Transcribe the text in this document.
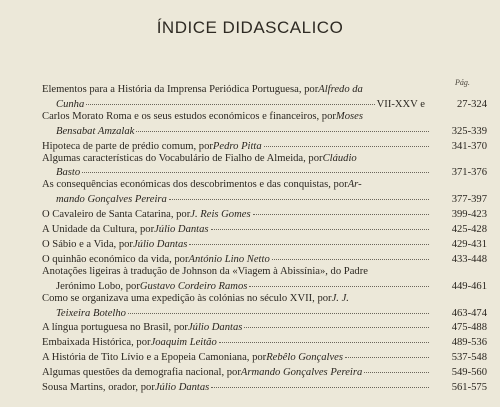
ÍNDICE DIDASCALICO
Pág.
Elementos para a História da Imprensa Periódica Portuguesa, por Alfredo da
Cunha	VII-XXV e	27-324
Carlos Morato Roma e os seus estudos económicos e financeiros, por Moses
Bensabat Amzalak	325-339
Hipoteca de parte de prédio comum, por Pedro Pitta	341-370
Algumas características do Vocabulário de Fialho de Almeida, por Cláudio
Basto	371-376
As consequências económicas dos descobrimentos e das conquistas, por Ar-
mando Gonçalves Pereira	377-397
O Cavaleiro de Santa Catarina, por J. Reis Gomes	399-423
A Unidade da Cultura, por Júlio Dantas	425-428
O Sábio e a Vida, por Júlio Dantas	429-431
O quinhão económico da vida, por António Lino Netto	433-448
Anotações ligeiras à tradução de Johnson da «Viagem à Abissínia», do Padre
Jerónimo Lobo, por Gustavo Cordeiro Ramos	449-461
Como se organizava uma expedição às colónias no século XVII, por J. J.
Teixeira Botelho	463-474
A língua portuguesa no Brasil, por Júlio Dantas	475-488
Embaixada Histórica, por Joaquim Leitão	489-536
A História de Tito Lívio e a Epopeia Camoniana, por Rebêlo Gonçalves	537-548
Algumas questões da demografia nacional, por Armando Gonçalves Pereira	549-560
Sousa Martins, orador, por Júlio Dantas	561-575
